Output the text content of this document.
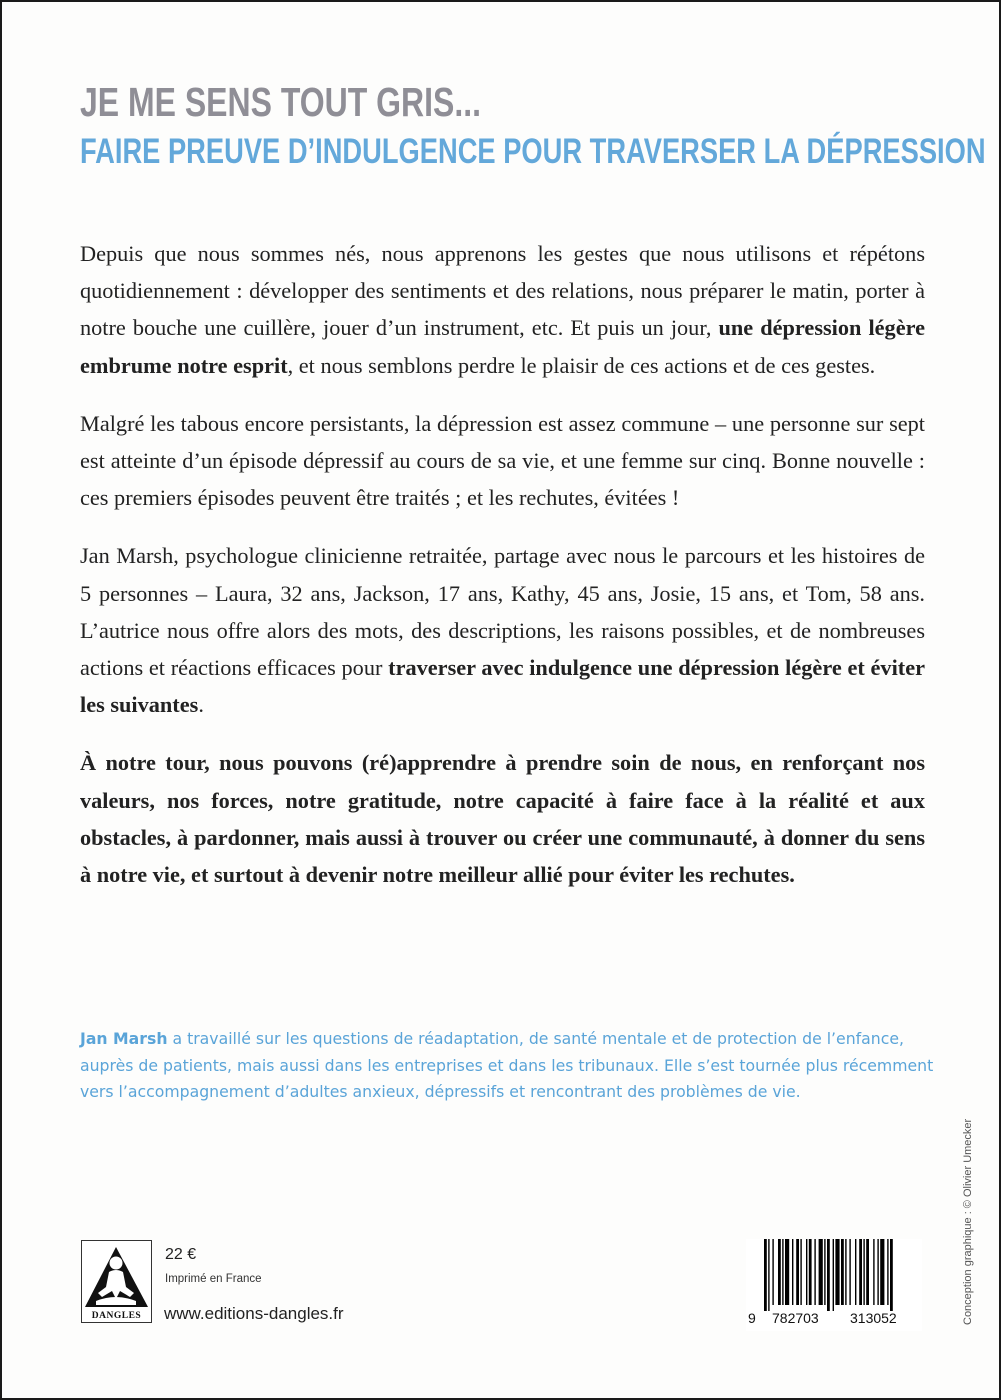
JE ME SENS TOUT GRIS...
FAIRE PREUVE D’INDULGENCE POUR TRAVERSER LA DÉPRESSION

Depuis que nous sommes nés, nous apprenons les gestes que nous utilisons et répétons quotidiennement : développer des sentiments et des relations, nous préparer le matin, porter à notre bouche une cuillère, jouer d’un instrument, etc. Et puis un jour, une dépression légère embrume notre esprit, et nous semblons perdre le plaisir de ces actions et de ces gestes.

Malgré les tabous encore persistants, la dépression est assez commune – une personne sur sept est atteinte d’un épisode dépressif au cours de sa vie, et une femme sur cinq. Bonne nouvelle : ces premiers épisodes peuvent être traités ; et les rechutes, évitées !

Jan Marsh, psychologue clinicienne retraitée, partage avec nous le parcours et les histoires de 5 personnes – Laura, 32 ans, Jackson, 17 ans, Kathy, 45 ans, Josie, 15 ans, et Tom, 58 ans. L’autrice nous offre alors des mots, des descriptions, les raisons possibles, et de nombreuses actions et réactions efficaces pour traverser avec indulgence une dépression légère et éviter les suivantes.

À notre tour, nous pouvons (ré)apprendre à prendre soin de nous, en renforçant nos valeurs, nos forces, notre gratitude, notre capacité à faire face à la réalité et aux obstacles, à pardonner, mais aussi à trouver ou créer une communauté, à donner du sens à notre vie, et surtout à devenir notre meilleur allié pour éviter les rechutes.

Jan Marsh a travaillé sur les questions de réadaptation, de santé mentale et de protection de l’enfance, auprès de patients, mais aussi dans les entreprises et dans les tribunaux. Elle s’est tournée plus récemment vers l’accompagnement d’adultes anxieux, dépressifs et rencontrant des problèmes de vie.
Conception graphique : © Olivier Umecker
DANGLES
22 €
Imprimé en France
www.editions-dangles.fr	9 782703 313052
